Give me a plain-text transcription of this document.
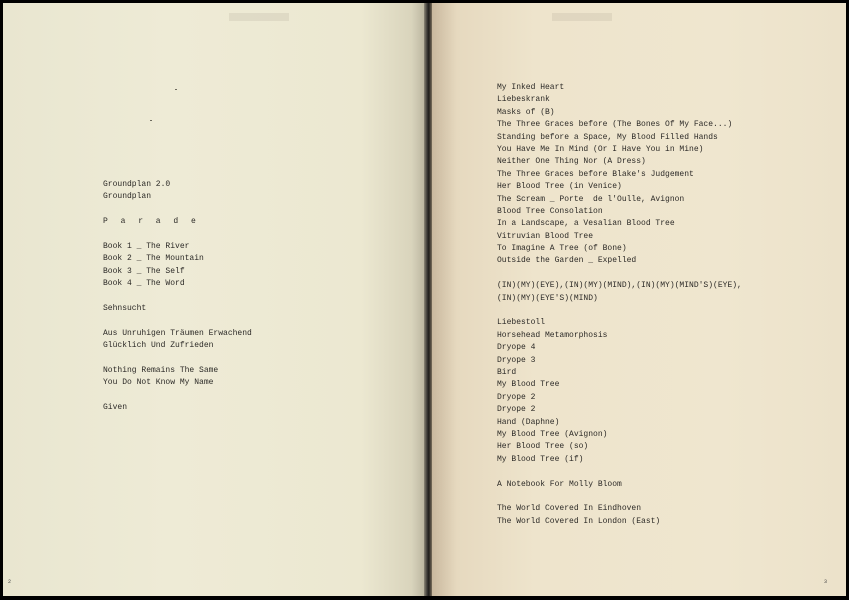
Groundplan 2.0
Groundplan
P a r a d e
Book 1 _ The River
Book 2 _ The Mountain
Book 3 _ The Self
Book 4 _ The Word
Sehnsucht
Aus Unruhigen Träumen Erwachend
Glücklich Und Zufrieden
Nothing Remains The Same
You Do Not Know My Name
Given
2
My Inked Heart
Liebeskrank
Masks of (B)
The Three Graces before (The Bones Of My Face...)
Standing before a Space, My Blood Filled Hands
You Have Me In Mind (Or I Have You in Mine)
Neither One Thing Nor (A Dress)
The Three Graces before Blake's Judgement
Her Blood Tree (in Venice)
The Scream _ Porte  de l'Oulle, Avignon
Blood Tree Consolation
In a Landscape, a Vesalian Blood Tree
Vitruvian Blood Tree
To Imagine A Tree (of Bone)
Outside the Garden _ Expelled
(IN)(MY)(EYE),(IN)(MY)(MIND),(IN)(MY)(MIND'S)(EYE),
(IN)(MY)(EYE'S)(MIND)
Liebestoll
Horsehead Metamorphosis
Dryope 4
Dryope 3
Bird
My Blood Tree
Dryope 2
Dryope 2
Hand (Daphne)
My Blood Tree (Avignon)
Her Blood Tree (so)
My Blood Tree (if)
A Notebook For Molly Bloom
The World Covered In Eindhoven
The World Covered In London (East)
3
